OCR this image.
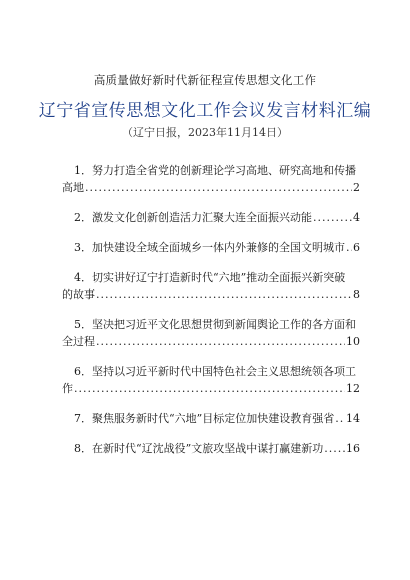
高质量做好新时代新征程宣传思想文化工作
辽宁省宣传思想文化工作会议发言材料汇编
（辽宁日报，2023年11月14日）
1．努力打造全省党的创新理论学习高地、研究高地和传播
高地 .....	2
2．激发文化创新创造活力汇聚大连全面振兴动能 .....	4
3．加快建设全域全面城乡一体内外兼修的全国文明城市 ..... 6
4．切实讲好辽宁打造新时代“六地”推动全面振兴新突破
的故事 .....	8
5．坚决把习近平文化思想贯彻到新闻舆论工作的各方面和
全过程 .....	10
6．坚持以习近平新时代中国特色社会主义思想统领各项工
作 .....	12
7．聚焦服务新时代“六地”目标定位加快建设教育强省 ..... 14
8．在新时代“辽沈战役”文旅攻坚战中谋打赢建新功 ..... 16
